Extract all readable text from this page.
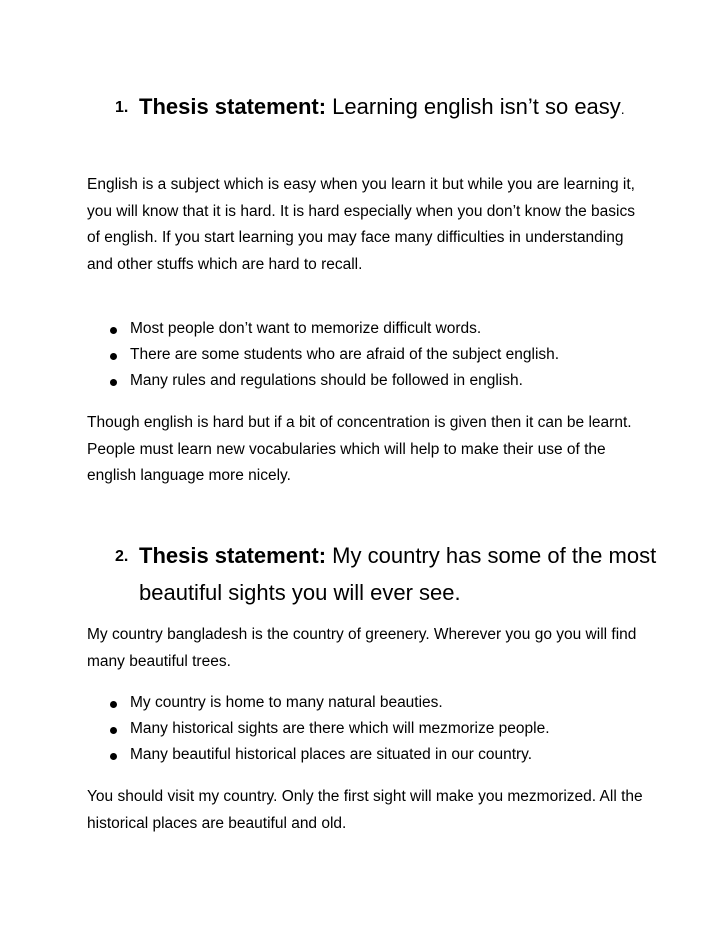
1. Thesis statement: Learning english isn’t so easy.

English is a subject which is easy when you learn it but while you are learning it, you will know that it is hard. It is hard especially when you don’t know the basics of english. If you start learning you may face many difficulties in understanding and other stuffs which are hard to recall.

Most people don’t want to memorize difficult words.
There are some students who are afraid of the subject english.
Many rules and regulations should be followed in english.

Though english is hard but if a bit of concentration is given then it can be learnt. People must learn new vocabularies which will help to make their use of the english language more nicely.

2. Thesis statement: My country has some of the most beautiful sights you will ever see.

My country bangladesh is the country of greenery. Wherever you go you will find many beautiful trees.

My country is home to many natural beauties.
Many historical sights are there which will mezmorize people.
Many beautiful historical places are situated in our country.

You should visit my country. Only the first sight will make you mezmorized. All the historical places are beautiful and old.
